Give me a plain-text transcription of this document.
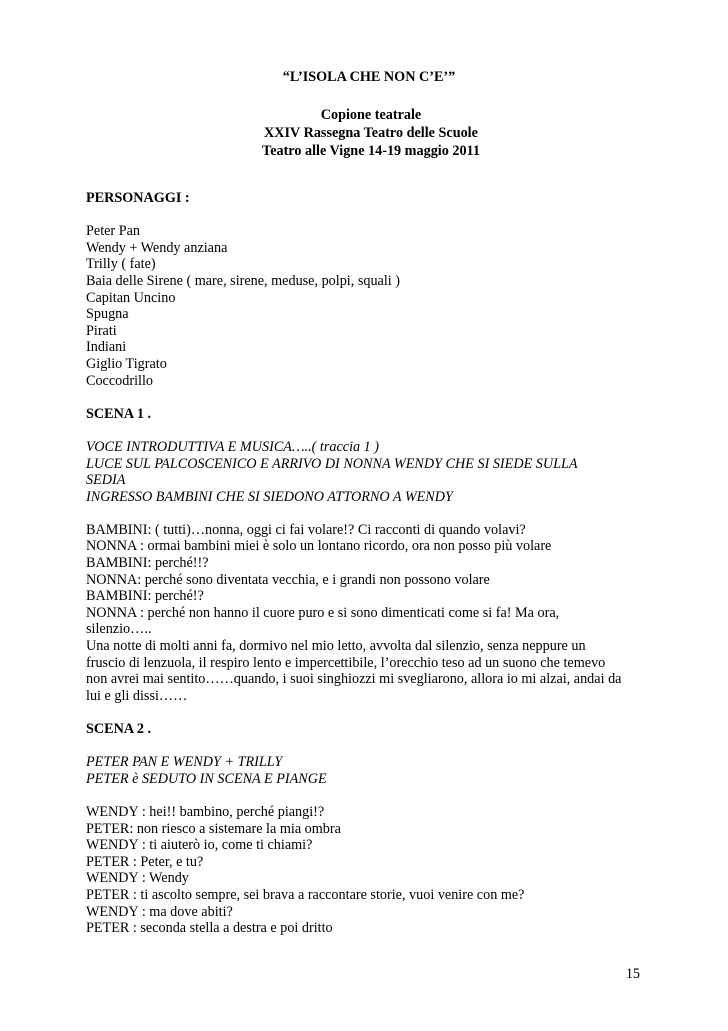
“L’ISOLA CHE NON C’E’”
Copione teatrale
XXIV Rassegna Teatro delle Scuole
Teatro alle Vigne 14-19 maggio 2011
PERSONAGGI :
Peter Pan
Wendy + Wendy anziana
Trilly ( fate)
Baia delle Sirene ( mare, sirene, meduse, polpi, squali )
Capitan Uncino
Spugna
Pirati
Indiani
Giglio Tigrato
Coccodrillo
SCENA 1 .
VOCE INTRODUTTIVA E MUSICA…..( traccia 1 )
LUCE SUL PALCOSCENICO E ARRIVO DI NONNA WENDY CHE SI SIEDE SULLA
SEDIA
INGRESSO BAMBINI CHE SI SIEDONO ATTORNO A WENDY
BAMBINI: ( tutti)…nonna, oggi ci fai volare!? Ci racconti di quando volavi?
NONNA : ormai bambini miei è solo un lontano ricordo, ora non posso più volare
BAMBINI: perché!!?
NONNA: perché sono diventata vecchia, e i grandi non possono volare
BAMBINI: perché!?
NONNA : perché non hanno il cuore puro e si sono dimenticati come si fa! Ma ora,
silenzio…..
Una notte di molti anni fa, dormivo nel mio letto, avvolta dal silenzio, senza neppure un
fruscio di lenzuola, il respiro lento e impercettibile, l’orecchio teso ad un suono che temevo
non avrei mai sentito……quando, i suoi singhiozzi mi svegliarono, allora io mi alzai, andai da
lui e gli dissi……
SCENA 2 .
PETER PAN E WENDY + TRILLY
PETER è SEDUTO IN SCENA E PIANGE
WENDY : hei!! bambino, perché piangi!?
PETER: non riesco a sistemare la mia ombra
WENDY : ti aiuterò io, come ti chiami?
PETER : Peter, e tu?
WENDY : Wendy
PETER : ti ascolto sempre, sei brava a raccontare storie, vuoi venire con me?
WENDY : ma dove abiti?
PETER : seconda stella a destra e poi dritto
15
